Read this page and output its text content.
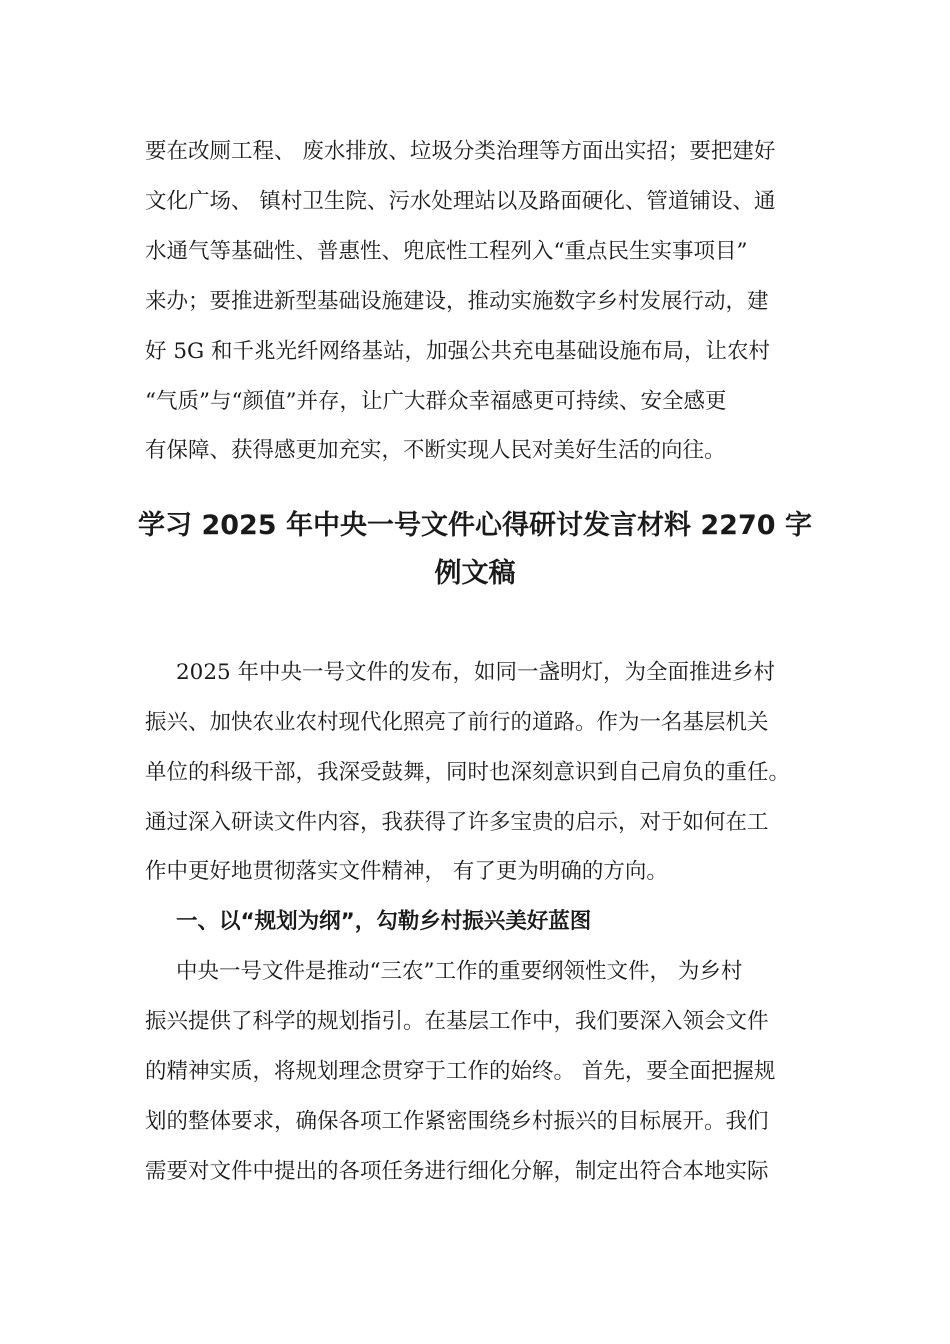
要在改厕工程、 废水排放、垃圾分类治理等方面出实招；要把建好
文化广场、 镇村卫生院、污水处理站以及路面硬化、管道铺设、通
水通气等基础性、普惠性、兜底性工程列入“重点民生实事项目”
来办；要推进新型基础设施建设，推动实施数字乡村发展行动，建
好 5G 和千兆光纤网络基站，加强公共充电基础设施布局，让农村
“气质”与“颜值”并存，让广大群众幸福感更可持续、安全感更
有保障、获得感更加充实，不断实现人民对美好生活的向往。
学习 2025 年中央一号文件心得研讨发言材料 2270 字
例文稿
2025 年中央一号文件的发布，如同一盏明灯，为全面推进乡村
振兴、加快农业农村现代化照亮了前行的道路。作为一名基层机关
单位的科级干部，我深受鼓舞，同时也深刻意识到自己肩负的重任。
通过深入研读文件内容，我获得了许多宝贵的启示，对于如何在工
作中更好地贯彻落实文件精神， 有了更为明确的方向。
一、以“规划为纲”，勾勒乡村振兴美好蓝图
中央一号文件是推动“三农”工作的重要纲领性文件， 为乡村
振兴提供了科学的规划指引。在基层工作中，我们要深入领会文件
的精神实质，将规划理念贯穿于工作的始终。 首先，要全面把握规
划的整体要求，确保各项工作紧密围绕乡村振兴的目标展开。我们
需要对文件中提出的各项任务进行细化分解，制定出符合本地实际
